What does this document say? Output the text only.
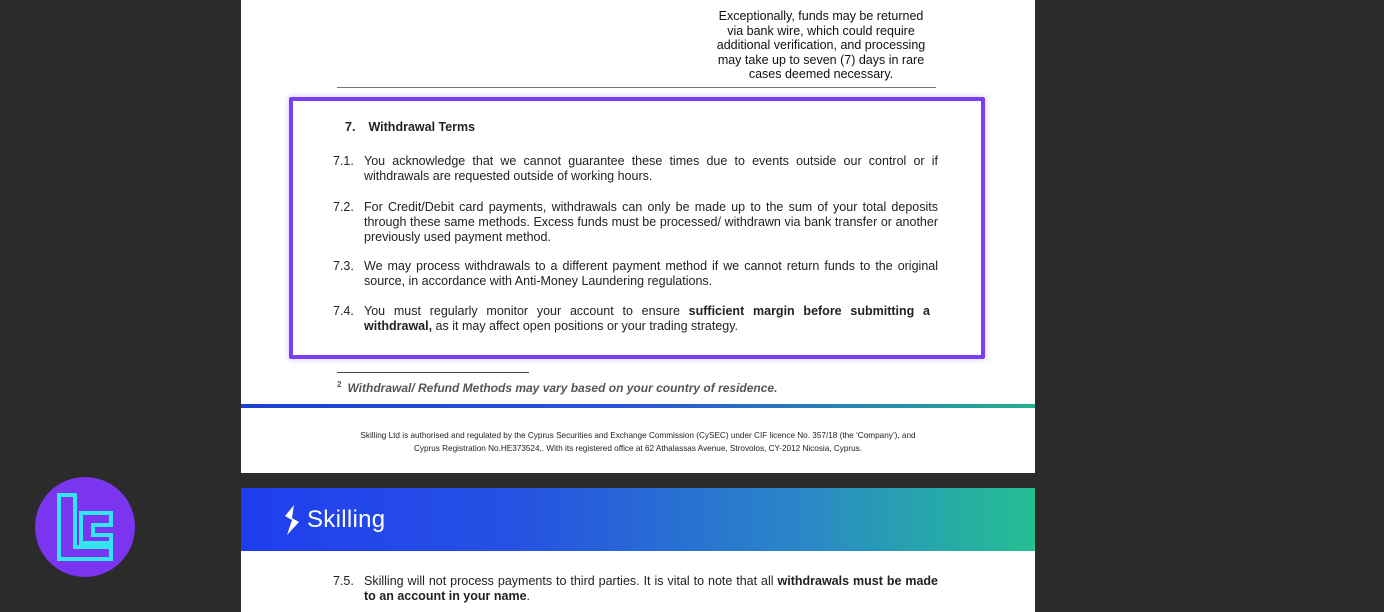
Exceptionally, funds may be returned via bank wire, which could require additional verification, and processing may take up to seven (7) days in rare cases deemed necessary.
7. Withdrawal Terms
7.1. You acknowledge that we cannot guarantee these times due to events outside our control or if withdrawals are requested outside of working hours.
7.2. For Credit/Debit card payments, withdrawals can only be made up to the sum of your total deposits through these same methods. Excess funds must be processed/ withdrawn via bank transfer or another previously used payment method.
7.3. We may process withdrawals to a different payment method if we cannot return funds to the original source, in accordance with Anti-Money Laundering regulations.
7.4. You must regularly monitor your account to ensure sufficient margin before submitting a withdrawal, as it may affect open positions or your trading strategy.
$^2$ Withdrawal/ Refund Methods may vary based on your country of residence.
Skilling Ltd is authorised and regulated by the Cyprus Securities and Exchange Commission (CySEC) under CIF licence No. 357/18 (the ‘Company’), and
Cyprus Registration No.HE373524,. With its registered office at 62 Athalassas Avenue, Strovolos, CY-2012 Nicosia, Cyprus.
Skilling
7.5. Skilling will not process payments to third parties. It is vital to note that all withdrawals must be made to an account in your name.
